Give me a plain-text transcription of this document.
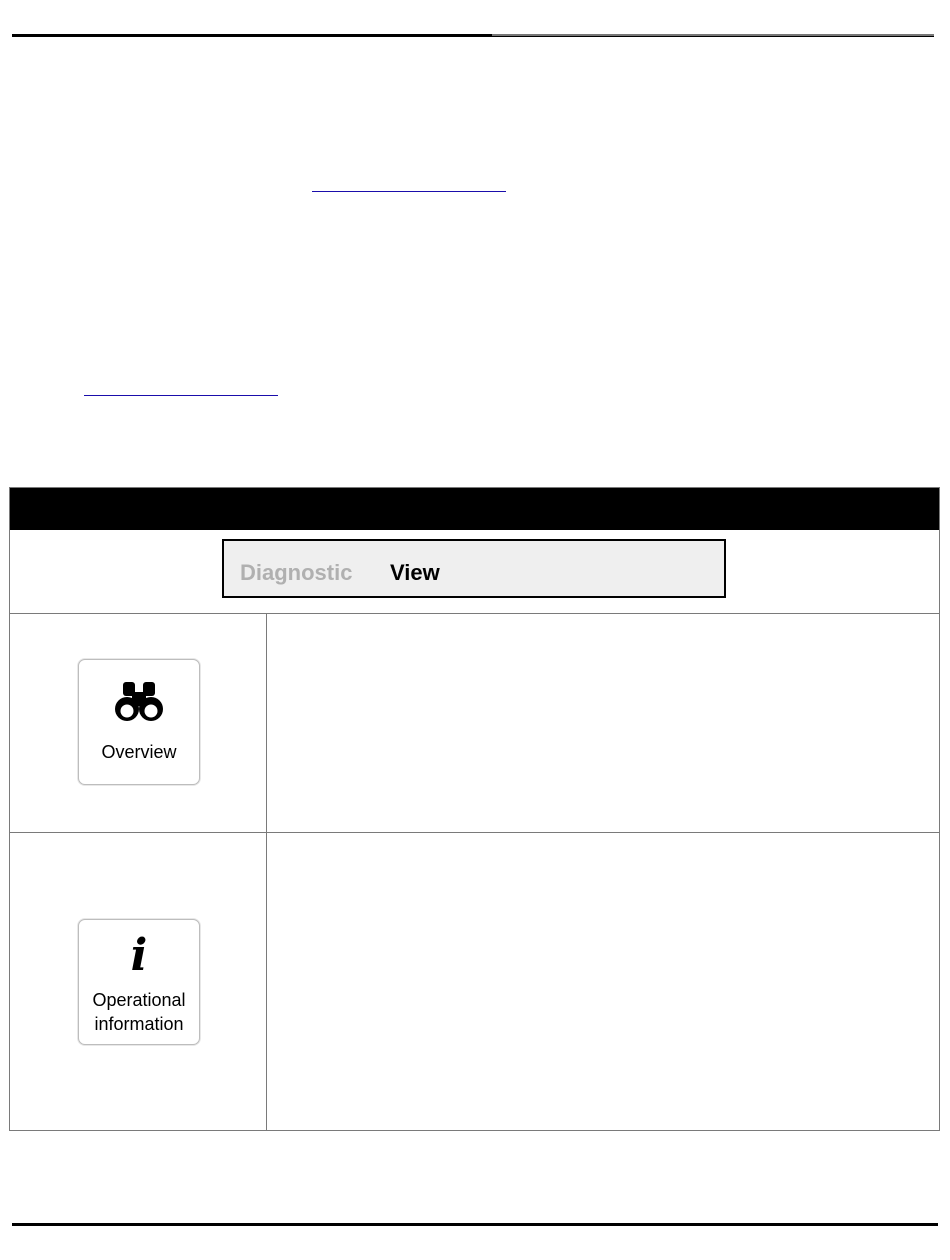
Diagnostic View
Overview
i
Operational
information
